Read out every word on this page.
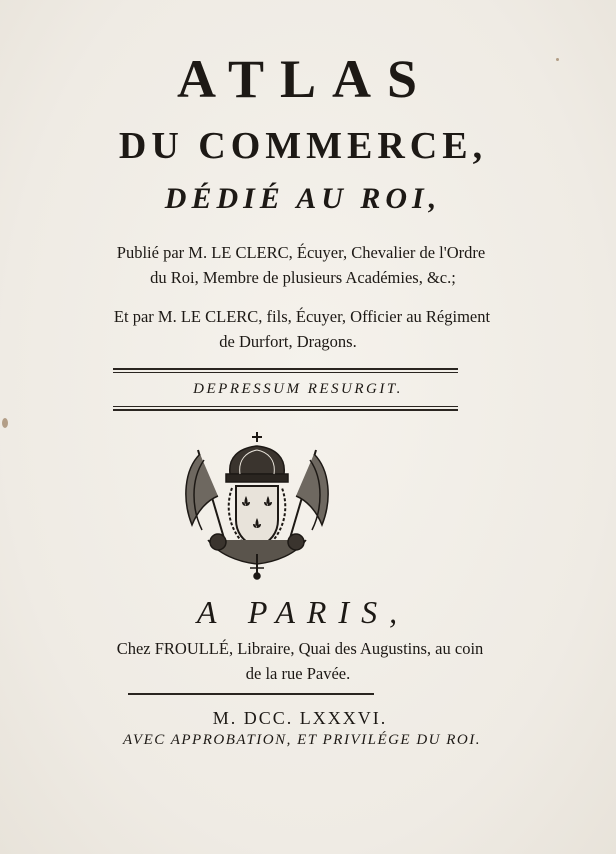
ATLAS
DU COMMERCE,
DÉDIÉ AU ROI,
Publié par M. LE CLERC, Écuyer, Chevalier de l'Ordre
du Roi, Membre de plusieurs Académies, &c.;
Et par M. LE CLERC, fils, Écuyer, Officier au Régiment
de Durfort, Dragons.
DEPRESSUM RESURGIT.
A PARIS,
Chez FROULLÉ, Libraire, Quai des Augustins, au coin
de la rue Pavée.
M. DCC. LXXXVI.
AVEC APPROBATION, ET PRIVILÉGE DU ROI.
